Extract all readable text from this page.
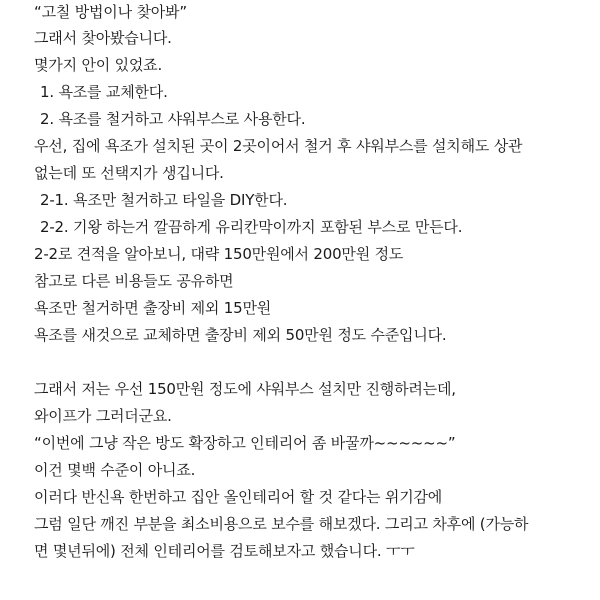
“고칠 방법이나 찾아봐”
그래서 찾아봤습니다.
몇가지 안이 있었죠.
1. 욕조를 교체한다.
2. 욕조를 철거하고 샤워부스로 사용한다.
우선, 집에 욕조가 설치된 곳이 2곳이어서 철거 후 샤워부스를 설치해도 상관
없는데 또 선택지가 생깁니다.
2-1. 욕조만 철거하고 타일을 DIY한다.
2-2. 기왕 하는거 깔끔하게 유리칸막이까지 포함된 부스로 만든다.
2-2로 견적을 알아보니, 대략 150만원에서 200만원 정도
참고로 다른 비용들도 공유하면
욕조만 철거하면 출장비 제외 15만원
욕조를 새것으로 교체하면 출장비 제외 50만원 정도 수준입니다.
그래서 저는 우선 150만원 정도에 샤워부스 설치만 진행하려는데,
와이프가 그러더군요.
“이번에 그냥 작은 방도 확장하고 인테리어 좀 바꿀까~~~~~~”
이건 몇백 수준이 아니죠.
이러다 반신욕 한번하고 집안 올인테리어 할 것 같다는 위기감에
그럼 일단 깨진 부분을 최소비용으로 보수를 해보겠다. 그리고 차후에 (가능하
면 몇년뒤에) 전체 인테리어를 검토해보자고 했습니다. ㅜㅜ
